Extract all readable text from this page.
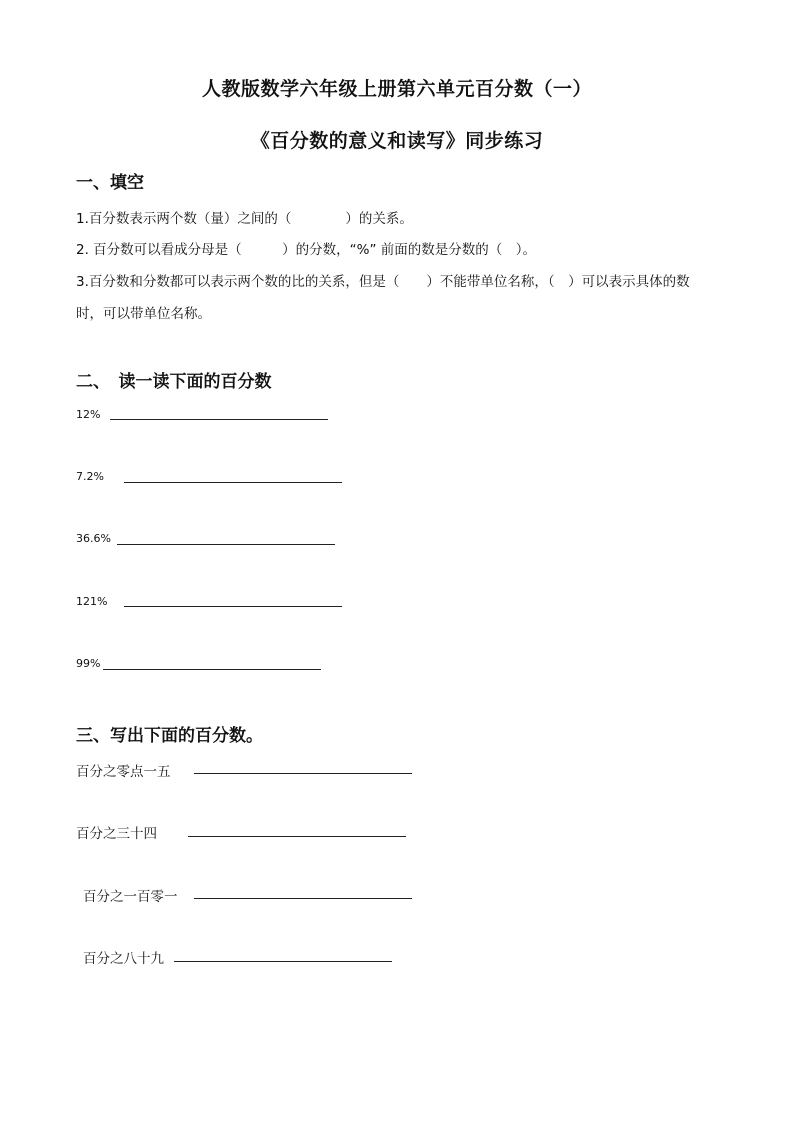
人教版数学六年级上册第六单元百分数（一）
《百分数的意义和读写》同步练习
一、填空
1.百分数表示两个数（量）之间的（　　　　）的关系。
2. 百分数可以看成分母是（　　　）的分数，“%” 前面的数是分数的（　）。
3.百分数和分数都可以表示两个数的比的关系，但是（　　）不能带单位名称，（　）可以表示具体的数
时，可以带单位名称。
二、　读一读下面的百分数
12%
7.2%
36.6%
121%
99%
三、写出下面的百分数。
百分之零点一五
百分之三十四
百分之一百零一
百分之八十九
